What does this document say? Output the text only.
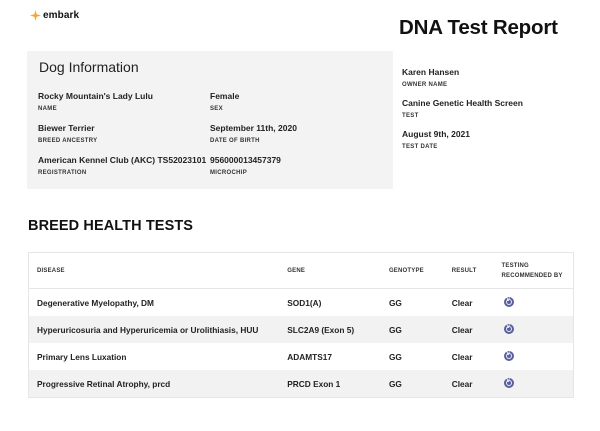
embark
DNA Test Report
Dog Information
Rocky Mountain's Lady Lulu
NAME
Female
SEX
Biewer Terrier
BREED ANCESTRY
September 11th, 2020
DATE OF BIRTH
American Kennel Club (AKC) TS52023101
REGISTRATION
956000013457379
MICROCHIP
Karen Hansen
OWNER NAME
Canine Genetic Health Screen
TEST
August 9th, 2021
TEST DATE
BREED HEALTH TESTS
DISEASE	GENE	GENOTYPE	RESULT	TESTING RECOMMENDED BY
Degenerative Myelopathy, DM	SOD1(A)	GG	Clear	v
Hyperuricosuria and Hyperuricemia or Urolithiasis, HUU	SLC2A9 (Exon 5)	GG	Clear	v
Primary Lens Luxation	ADAMTS17	GG	Clear	v
Progressive Retinal Atrophy, prcd	PRCD Exon 1	GG	Clear	v
